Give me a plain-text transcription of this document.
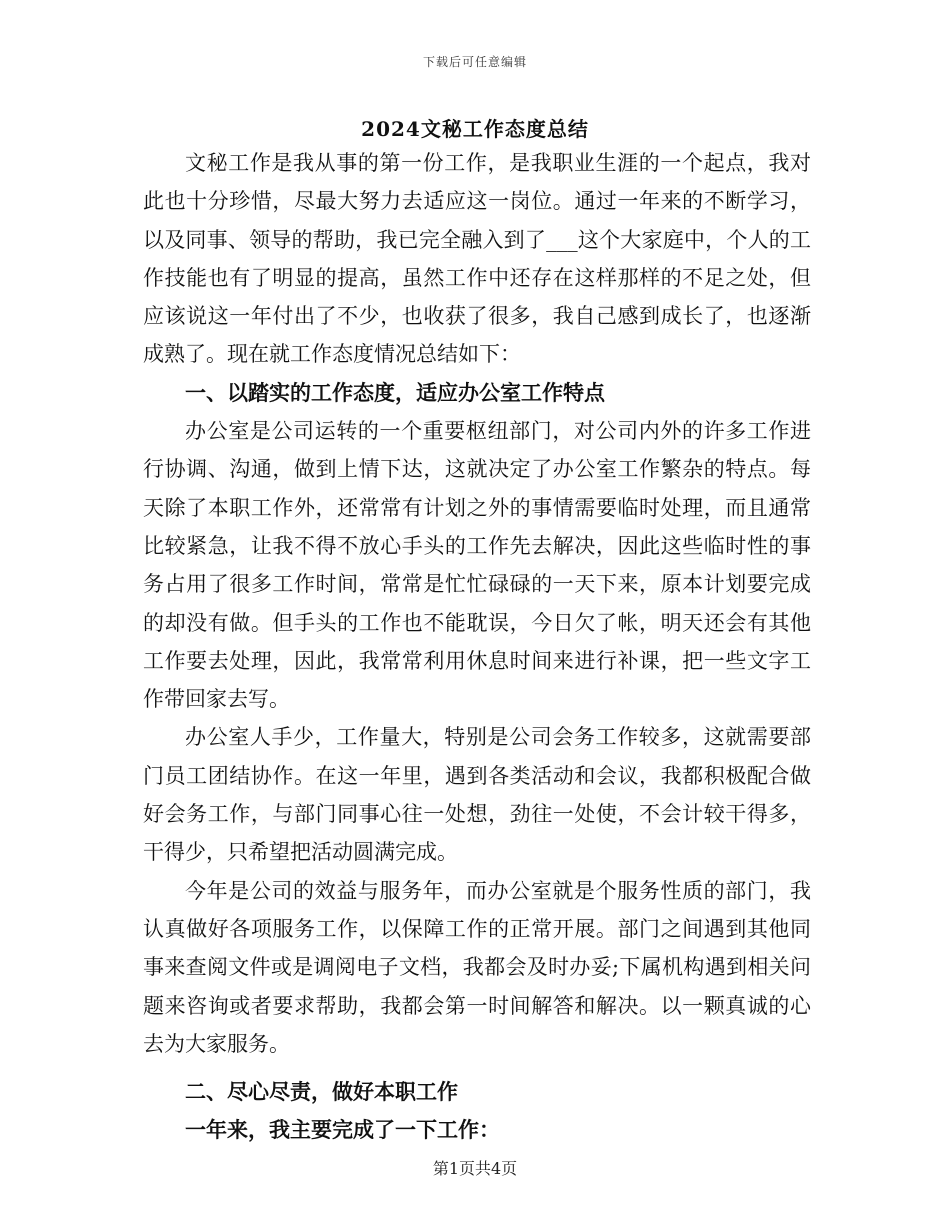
下载后可任意编辑
2024文秘工作态度总结

文秘工作是我从事的第一份工作，是我职业生涯的一个起点，我对此也十分珍惜，尽最大努力去适应这一岗位。通过一年来的不断学习，以及同事、领导的帮助，我已完全融入到了___这个大家庭中，个人的工作技能也有了明显的提高，虽然工作中还存在这样那样的不足之处，但应该说这一年付出了不少，也收获了很多，我自己感到成长了，也逐渐成熟了。现在就工作态度情况总结如下：

一、以踏实的工作态度，适应办公室工作特点

办公室是公司运转的一个重要枢纽部门，对公司内外的许多工作进行协调、沟通，做到上情下达，这就决定了办公室工作繁杂的特点。每天除了本职工作外，还常常有计划之外的事情需要临时处理，而且通常比较紧急，让我不得不放心手头的工作先去解决，因此这些临时性的事务占用了很多工作时间，常常是忙忙碌碌的一天下来，原本计划要完成的却没有做。但手头的工作也不能耽误，今日欠了帐，明天还会有其他工作要去处理，因此，我常常利用休息时间来进行补课，把一些文字工作带回家去写。

办公室人手少，工作量大，特别是公司会务工作较多，这就需要部门员工团结协作。在这一年里，遇到各类活动和会议，我都积极配合做好会务工作，与部门同事心往一处想，劲往一处使，不会计较干得多，干得少，只希望把活动圆满完成。

今年是公司的效益与服务年，而办公室就是个服务性质的部门，我认真做好各项服务工作，以保障工作的正常开展。部门之间遇到其他同事来查阅文件或是调阅电子文档，我都会及时办妥;下属机构遇到相关问题来咨询或者要求帮助，我都会第一时间解答和解决。以一颗真诚的心去为大家服务。

二、尽心尽责，做好本职工作

一年来，我主要完成了一下工作：

第1页共4页
